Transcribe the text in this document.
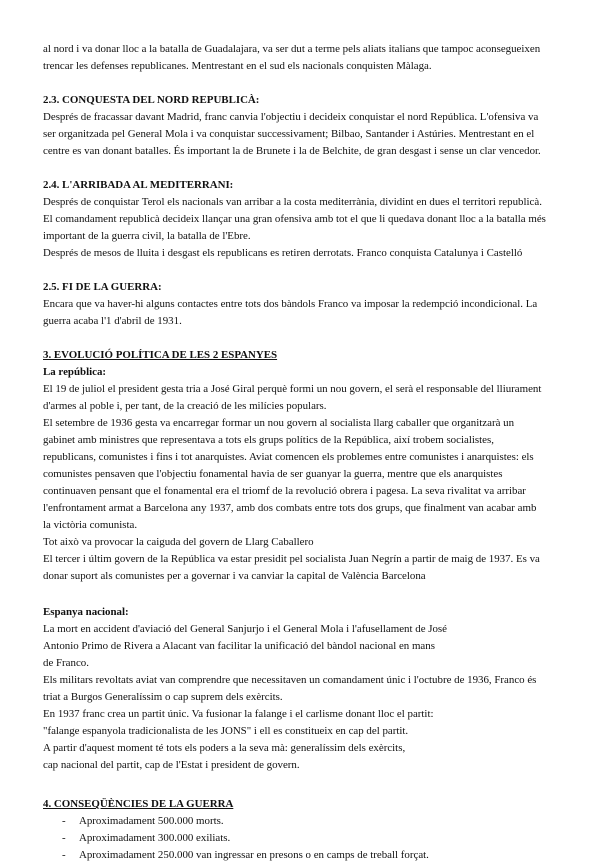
al nord i va donar lloc a la batalla de Guadalajara, va ser dut a terme pels aliats italians que tampoc aconsegueixen

trencar les defenses republicanes. Mentrestant en el sud els nacionals conquisten Màlaga.

2.3. CONQUESTA DEL NORD REPUBLICÀ:

Després de fracassar davant Madrid, franc canvia l'objectiu i decideix conquistar el nord República. L'ofensiva va

ser organitzada pel General Mola i va conquistar successivament; Bilbao, Santander i Astúries. Mentrestant en el

centre es van donant batalles. És important la de Brunete i la de Belchite, de gran desgast i sense un clar vencedor.

2.4. L'ARRIBADA AL MEDITERRANI:

Després de conquistar Terol els nacionals van arribar a la costa mediterrània, dividint en dues el territori republicà.

El comandament republicà decideix llançar una gran ofensiva amb tot el que li quedava donant lloc a la batalla més

important de la guerra civil, la batalla de l'Ebre.

Després de mesos de lluita i desgast els republicans es retiren derrotats. Franco conquista Catalunya i Castelló

2.5. FI DE LA GUERRA:

Encara que va haver-hi alguns contactes entre tots dos bàndols Franco va imposar la redempció incondicional. La

guerra acaba l'1 d'abril de 1931.

3. EVOLUCIÓ POLÍTICA DE LES 2 ESPANYES
La república:

El 19 de juliol el president gesta tria a José Giral perquè formi un nou govern, el serà el responsable del lliurament

d'armes al poble i, per tant, de la creació de les milícies populars.

El setembre de 1936 gesta va encarregar formar un nou govern al socialista llarg caballer que organitzarà un

gabinet amb ministres que representava a tots els grups polítics de la República, així trobem socialistes,

republicans, comunistes i fins i tot anarquistes. Aviat comencen els problemes entre comunistes i anarquistes: els

comunistes pensaven que l'objectiu fonamental havia de ser guanyar la guerra, mentre que els anarquistes

continuaven pensant que el fonamental era el triomf de la revolució obrera i pagesa. La seva rivalitat va arribar

l'enfrontament armat a Barcelona any 1937, amb dos combats entre tots dos grups, que finalment van acabar amb

la victòria comunista.

Tot això va provocar la caiguda del govern de Llarg Caballero

El tercer i últim govern de la República va estar presidit pel socialista Juan Negrín a partir de maig de 1937. Es va

donar suport als comunistes per a governar i va canviar la capital de València Barcelona

Espanya nacional:

La mort en accident d'aviació del General Sanjurjo i el General Mola i l'afusellament de José

Antonio Primo de Rivera a Alacant van facilitar la unificació del bàndol nacional en mans

de Franco.

Els militars revoltats aviat van comprendre que necessitaven un comandament únic i l'octubre de 1936, Franco és

triat a Burgos Generalíssim o cap suprem dels exèrcits.

En 1937 franc crea un partit únic. Va fusionar la falange i el carlisme donant lloc el partit:

"falange espanyola tradicionalista de les JONS" i ell es constitueix en cap del partit.

A partir d'aquest moment té tots els poders a la seva mà: generalíssim dels exèrcits,

cap nacional del partit, cap de l'Estat i president de govern.

4. CONSEQÜÈNCIES DE LA GUERRA
- Aproximadament 500.000 morts.
- Aproximadament 300.000 exiliats.
- Aproximadament 250.000 van ingressar en presons o en camps de treball forçat.
